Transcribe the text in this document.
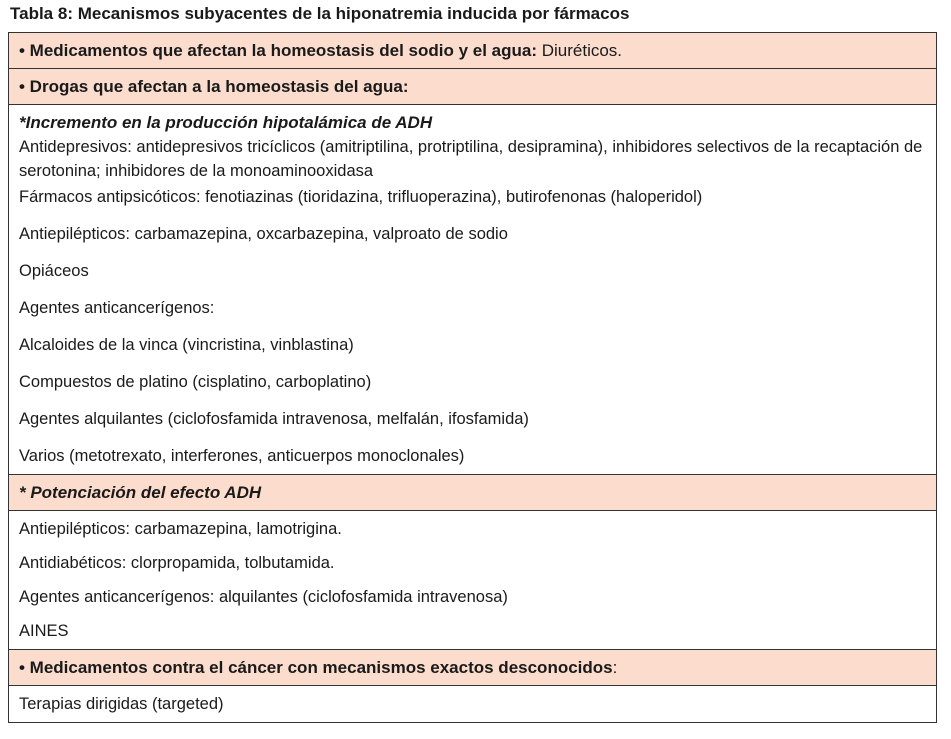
Tabla 8: Mecanismos subyacentes de la hiponatremia inducida por fármacos
• Medicamentos que afectan la homeostasis del sodio y el agua: Diuréticos.
• Drogas que afectan a la homeostasis del agua:
*Incremento en la producción hipotalámica de ADH
Antidepresivos: antidepresivos tricíclicos (amitriptilina, protriptilina, desipramina), inhibidores selectivos de la recaptación de serotonina; inhibidores de la monoaminooxidasa
Fármacos antipsicóticos: fenotiazinas (tioridazina, trifluoperazina), butirofenonas (haloperidol)
Antiepilépticos: carbamazepina, oxcarbazepina, valproato de sodio
Opiáceos
Agentes anticancerígenos:
Alcaloides de la vinca (vincristina, vinblastina)
Compuestos de platino (cisplatino, carboplatino)
Agentes alquilantes (ciclofosfamida intravenosa, melfalán, ifosfamida)
Varios (metotrexato, interferones, anticuerpos monoclonales)
* Potenciación del efecto ADH
Antiepilépticos: carbamazepina, lamotrigina.
Antidiabéticos: clorpropamida, tolbutamida.
Agentes anticancerígenos: alquilantes (ciclofosfamida intravenosa)
AINES
• Medicamentos contra el cáncer con mecanismos exactos desconocidos :
Terapias dirigidas (targeted)
